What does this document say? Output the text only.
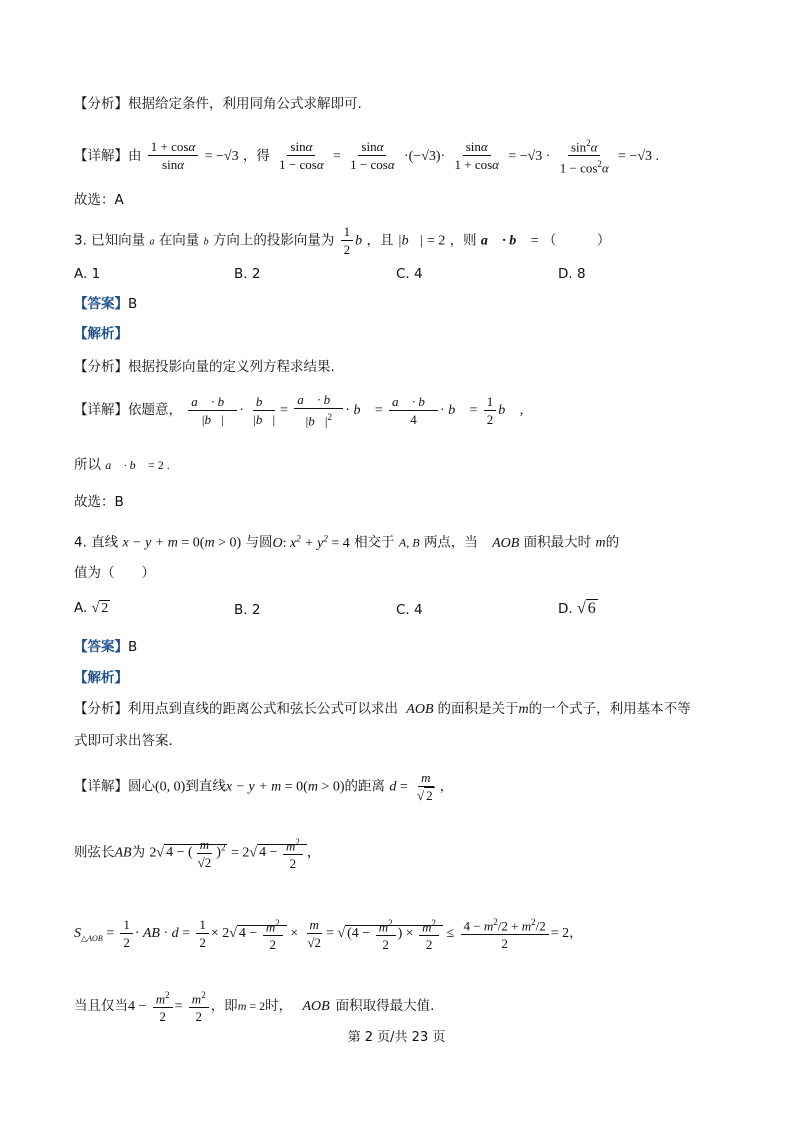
【分析】根据给定条件，利用同角公式求解即可.
【详解】由 $\frac{1 + \cos\alpha}{\sin\alpha} = -√3$ ，得 $\frac{\sin\alpha}{1 - \cos\alpha} = \frac{\sin\alpha}{1 - \cos\alpha} \cdot(-√3)\cdot \frac{\sin\alpha}{1 + \cos\alpha} = -√3 \cdot \frac{\sin^2\alpha}{1 - \cos^2\alpha} = -√3$ .
故选：A
3. 已知向量 a 在向量 b 方向上的投影向量为 $\frac{1}{2}$ b ，且 |b⃗| = 2 ，则 a⃗ · b⃗ = （　　　）
A. 1	B. 2	C. 4	D. 8
【答案】B
【解析】
【分析】根据投影向量的定义列方程求结果.
【详解】依题意， $\frac{a⃗ \cdot b⃗}{|b⃗|} \cdot \frac{b⃗}{|b⃗|} = \frac{a⃗ \cdot b⃗}{|b⃗|^2}$ · b⃗ = $\frac{a⃗ \cdot b⃗}{4}$ · b⃗ = $\frac{1}{2}$ b⃗ ,
所以 a⃗ · b⃗ = 2 .
故选：B
4. 直线 x − y + m = 0(m > 0) 与圆O: $x^2 + y^2 = 4$ 相交于 A, B 两点，当 AOB 面积最大时 m的
值为（　　）
A. √ 2	B. 2	C. 4	D. √ 6
【答案】B
【解析】
【分析】利用点到直线的距离公式和弦长公式可以求出 AOB 的面积是关于m的一个式子，利用基本不等
式即可求出答案.
【详解】圆心(0, 0)到直线x − y + m = 0(m > 0)的距离 $d = \frac{m}{√ 2}$ ，
则弦长AB为 2√ 4 − ( $\frac{m}{√2} )^2 = 2√$ $4 - \frac{m^2}{2}$ ，
$S_{\triangle AOB} = \frac{1}{2}$ · AB · $d = \frac{1}{2} \times 2√$ $4 - \frac{m^2}{2} \times \frac{m}{√2}$ = √ ($4 - \frac{m^2}{2}$ ) × $\frac{m^2}{2} \le \frac{4 - m^2/2 + m^2/2}{2} = 2$，
当且仅当$4 - \frac{m^2}{2} = \frac{m^2}{2}$ ，即m = 2时， AOB 面积取得最大值.
第 2 页/共 23 页
